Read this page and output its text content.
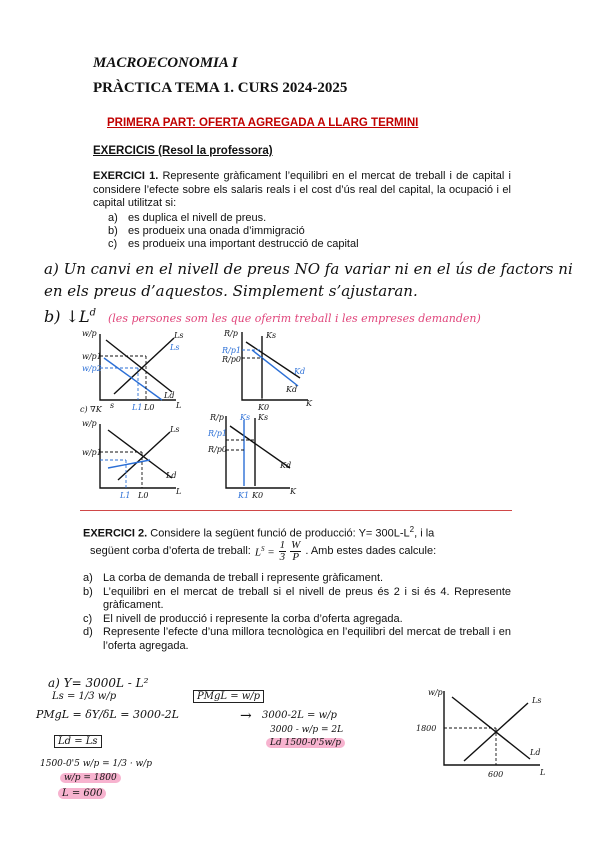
MACROECONOMIA I
PRÀCTICA TEMA 1. CURS 2024-2025
PRIMERA PART: OFERTA AGREGADA A LLARG TERMINI
EXERCICIS (Resol la professora)
EXERCICI 1. Represente gràficament l’equilibri en el mercat de treball i de capital i considere l’efecte sobre els salaris reals i el cost d’ús real del capital, la ocupació i el capital utilitzat si:
a) es duplica el nivell de preus.
b) es produeix una onada d’immigració
c) es produeix una important destrucció de capital
a) Un canvi en el nivell de preus NO fa variar ni en el ús de factors ni en els preus d’aquestos. Simplement s’ajustaran.
b) $↓L^d$ (les persones som les que oferim treball i les empreses demanden)
w/p	Ls
Ls
Ld
L
w/p1
w/p2
L1 L0
R/p	Ks
Kd
Kd
K
R/p1
R/p0
K0
c) ∇K s
w/p
Ls
Ld
L
w/p1
L1 L0
R/p Ks Ks
Kd
K
R/p1
R/p0
K1 K0
EXERCICI 2. Considere la següent funció de producció: $Y= 300L-L^2$, i la
següent corba d’oferta de treball: $L^S = \frac{1}{3} \frac{W}{P}$ . Amb estes dades calcule:
a) La corba de demanda de treball i represente gràficament.
b) L’equilibri en el mercat de treball si el nivell de preus és 2 i si és 4. Represente gràficament.
c) El nivell de producció i represente la corba d’oferta agregada.
d) Represente l’efecte d’una millora tecnològica en l’equilibri del mercat de treball i en l’oferta agregada.
a) Y= 3000L - L²
Ls = 1/3 w/p
PMgL = δY/δL = 3000-2L
PMgL = w/p
→ 3000-2L = w/p
3000 - w/p = 2L
Ld 1500-0'5w/p
Ld = Ls
1500-0'5 w/p = 1/3 · w/p
w/p = 1800
L = 600
w/p
Ls
Ld
L
1800
600
